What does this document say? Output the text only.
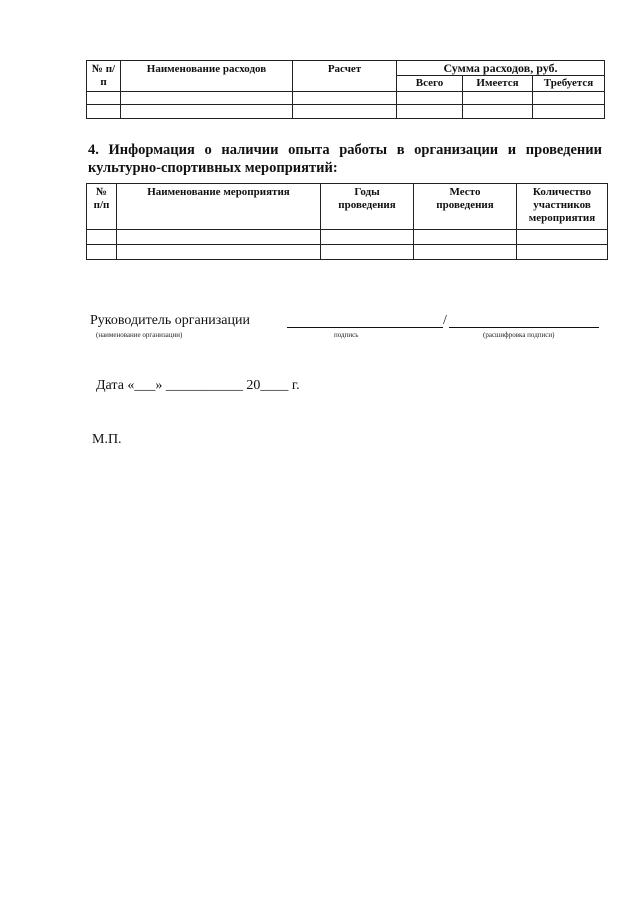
№ п/п	Наименование расходов	Расчет	Сумма расходов, руб.		
			Всего	Имеется	Требуется

4. Информация о наличии опыта работы в организации и проведении культурно-спортивных мероприятий:
№ п/п	Наименование мероприятия	Годы проведения	Место проведения	Количество участников мероприятия

Руководитель организации	/
(наименование организации)	подпись	(расшифровка подписи)
Дата «___» ___________ 20____ г.
М.П.
